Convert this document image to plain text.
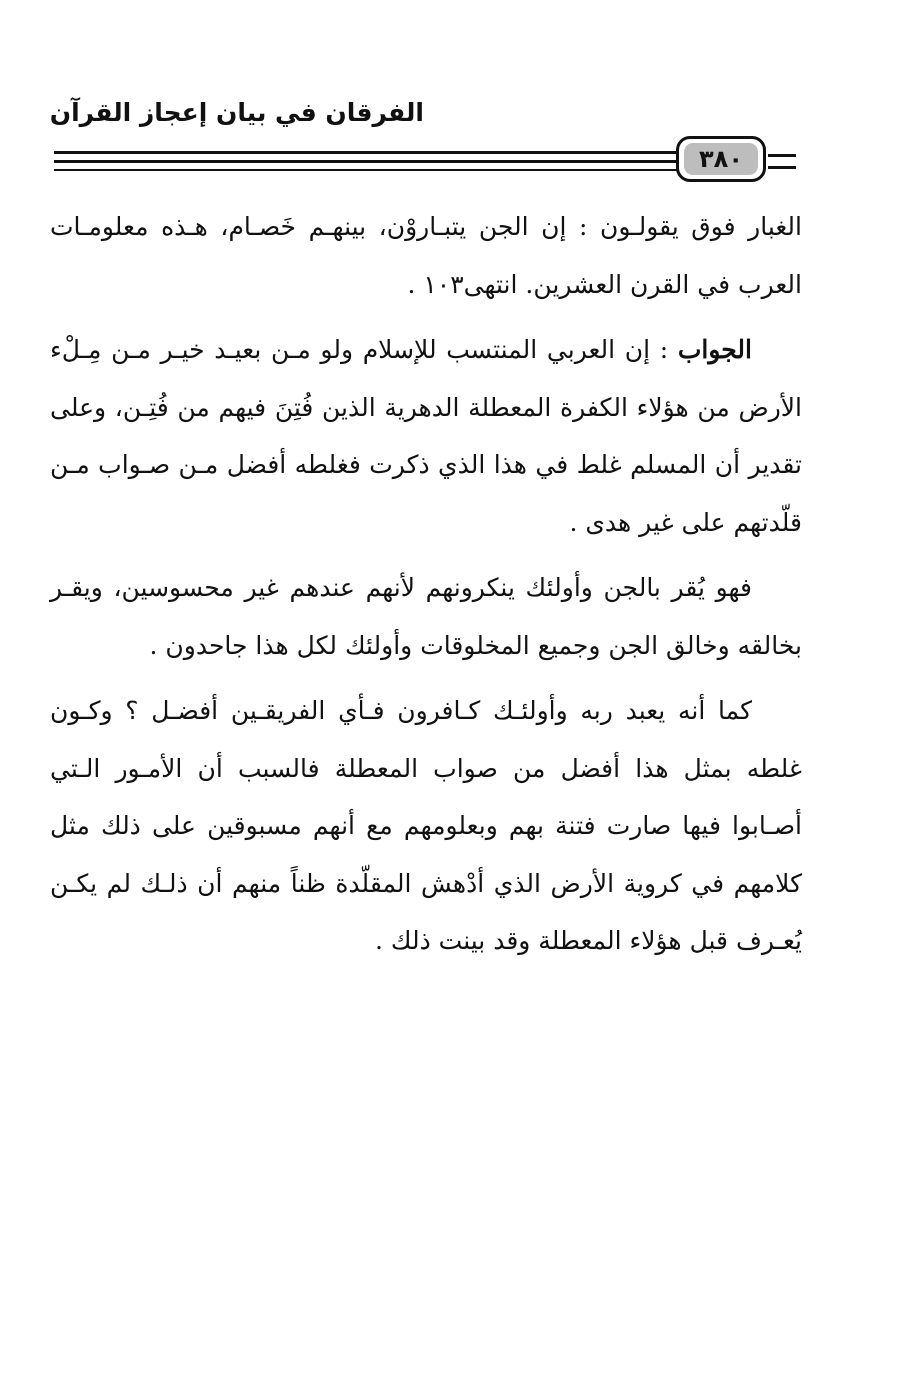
الفرقان في بيان إعجاز القرآن
٣٨٠

الغبار فوق يقولـون : إن الجن يتبـاروْن، بينهـم خَصـام، هـذه معلومـات العرب في القرن العشرين. انتهى١٠٣ .

الجواب : إن العربي المنتسب للإسلام ولو مـن بعيـد خيـر مـن مِـلْء الأرض من هؤلاء الكفرة المعطلة الدهرية الذين فُتِنَ فيهم من فُتِـن، وعلى تقدير أن المسلم غلط في هذا الذي ذكرت فغلطه أفضل مـن صـواب مـن قلّدتهم على غير هدى .

فهو يُقر بالجن وأولئك ينكرونهم لأنهم عندهم غير محسوسين، ويقـر بخالقه وخالق الجن وجميع المخلوقات وأولئك لكل هذا جاحدون .

كما أنه يعبد ربه وأولئـك كـافرون فـأي الفريقـين أفضـل ؟ وكـون غلطه بمثل هذا أفضل من صواب المعطلة فالسبب أن الأمـور الـتي أصـابوا فيها صارت فتنة بهم وبعلومهم مع أنهم مسبوقين على ذلك مثل كلامهم في كروية الأرض الذي أدْهش المقلّدة ظناً منهم أن ذلـك لم يكـن يُعـرف قبل هؤلاء المعطلة وقد بينت ذلك .
